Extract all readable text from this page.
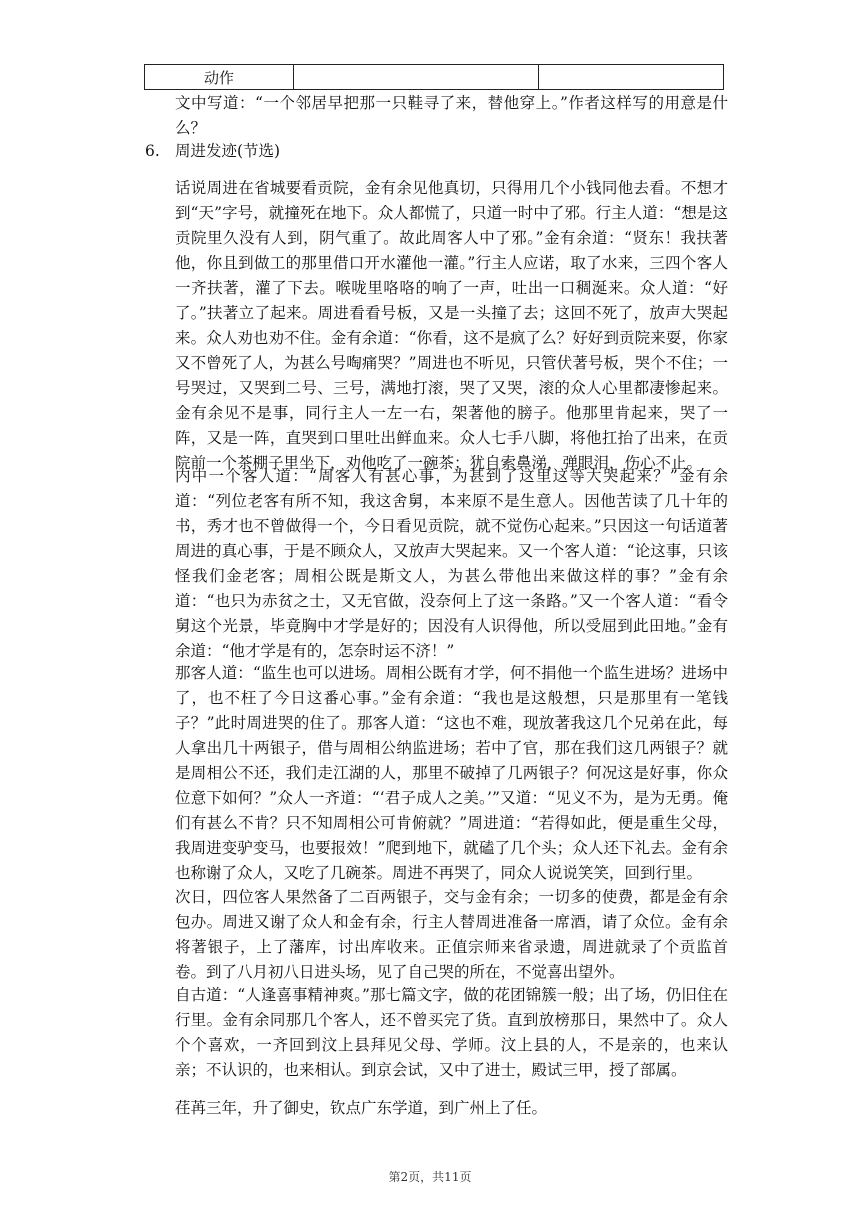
动作		

文中写道：“一个邻居早把那一只鞋寻了来，替他穿上。”作者这样写的用意是什么？

6. 周进发迹(节选)

话说周进在省城要看贡院，金有余见他真切，只得用几个小钱同他去看。不想才到“天”字号，就撞死在地下。众人都慌了，只道一时中了邪。行主人道：“想是这贡院里久没有人到，阴气重了。故此周客人中了邪。”金有余道：“贤东！我扶著他，你且到做工的那里借口开水灌他一灌。”行主人应诺，取了水来，三四个客人一齐扶著，灌了下去。喉咙里咯咯的响了一声，吐出一口稠涎来。众人道：“好了。”扶著立了起来。周进看看号板，又是一头撞了去；这回不死了，放声大哭起来。众人劝也劝不住。金有余道：“你看，这不是疯了么？好好到贡院来耍，你家又不曾死了人，为甚么号啕痛哭？”周进也不听见，只管伏著号板，哭个不住；一号哭过，又哭到二号、三号，满地打滚，哭了又哭，滚的众人心里都凄惨起来。金有余见不是事，同行主人一左一右，架著他的膀子。他那里肯起来，哭了一阵，又是一阵，直哭到口里吐出鲜血来。众人七手八脚，将他扛抬了出来，在贡院前一个茶棚子里坐下，劝他吃了一碗茶；犹自索鼻涕，弹眼泪，伤心不止。

内中一个客人道：“周客人有甚心事，为甚到了这里这等大哭起来？”金有余道：“列位老客有所不知，我这舍舅，本来原不是生意人。因他苦读了几十年的书，秀才也不曾做得一个，今日看见贡院，就不觉伤心起来。”只因这一句话道著周进的真心事，于是不顾众人，又放声大哭起来。又一个客人道：“论这事，只该怪我们金老客；周相公既是斯文人，为甚么带他出来做这样的事？”金有余道：“也只为赤贫之士，又无官做，没奈何上了这一条路。”又一个客人道：“看令舅这个光景，毕竟胸中才学是好的；因没有人识得他，所以受屈到此田地。”金有余道：“他才学是有的，怎奈时运不济！”

那客人道：“监生也可以进场。周相公既有才学，何不捐他一个监生进场？进场中了，也不枉了今日这番心事。”金有余道：“我也是这般想，只是那里有一笔钱子？”此时周进哭的住了。那客人道：“这也不难，现放著我这几个兄弟在此，每人拿出几十两银子，借与周相公纳监进场；若中了官，那在我们这几两银子？就是周相公不还，我们走江湖的人，那里不破掉了几两银子？何况这是好事，你众位意下如何？”众人一齐道：“‘君子成人之美。’”又道：“见义不为，是为无勇。俺们有甚么不肯？只不知周相公可肯俯就？”周进道：“若得如此，便是重生父母，我周进变驴变马，也要报效！”爬到地下，就磕了几个头；众人还下礼去。金有余也称谢了众人，又吃了几碗茶。周进不再哭了，同众人说说笑笑，回到行里。

次日，四位客人果然备了二百两银子，交与金有余；一切多的使费，都是金有余包办。周进又谢了众人和金有余，行主人替周进准备一席酒，请了众位。金有余将著银子，上了藩库，讨出库收来。正值宗师来省录遗，周进就录了个贡监首卷。到了八月初八日进头场，见了自己哭的所在，不觉喜出望外。

自古道：“人逢喜事精神爽。”那七篇文字，做的花团锦簇一般；出了场，仍旧住在行里。金有余同那几个客人，还不曾买完了货。直到放榜那日，果然中了。众人个个喜欢，一齐回到汶上县拜见父母、学师。汶上县的人，不是亲的，也来认亲；不认识的，也来相认。到京会试，又中了进士，殿试三甲，授了部属。

荏苒三年，升了御史，钦点广东学道，到广州上了任。

第2页，共11页
